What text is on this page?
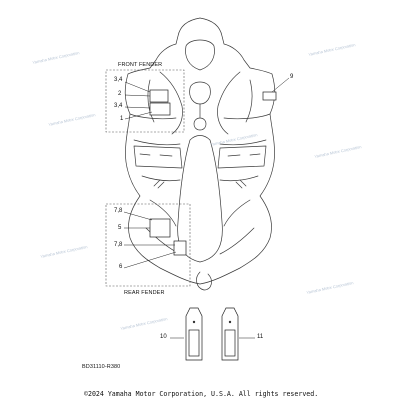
FRONT FENDER
REAR FENDER
3,4
2
3,4
1
9
7,8
5
7,8
6
10	11
BD31110-R380
Yamaha Motor Corporation
Yamaha Motor Corporation
Yamaha Motor Corporation
Yamaha Motor Corporation
Yamaha Motor Corporation
Yamaha Motor Corporation
Yamaha Motor Corporation
Yamaha Motor Corporation
©2024 Yamaha Motor Corporation, U.S.A. All rights reserved.
